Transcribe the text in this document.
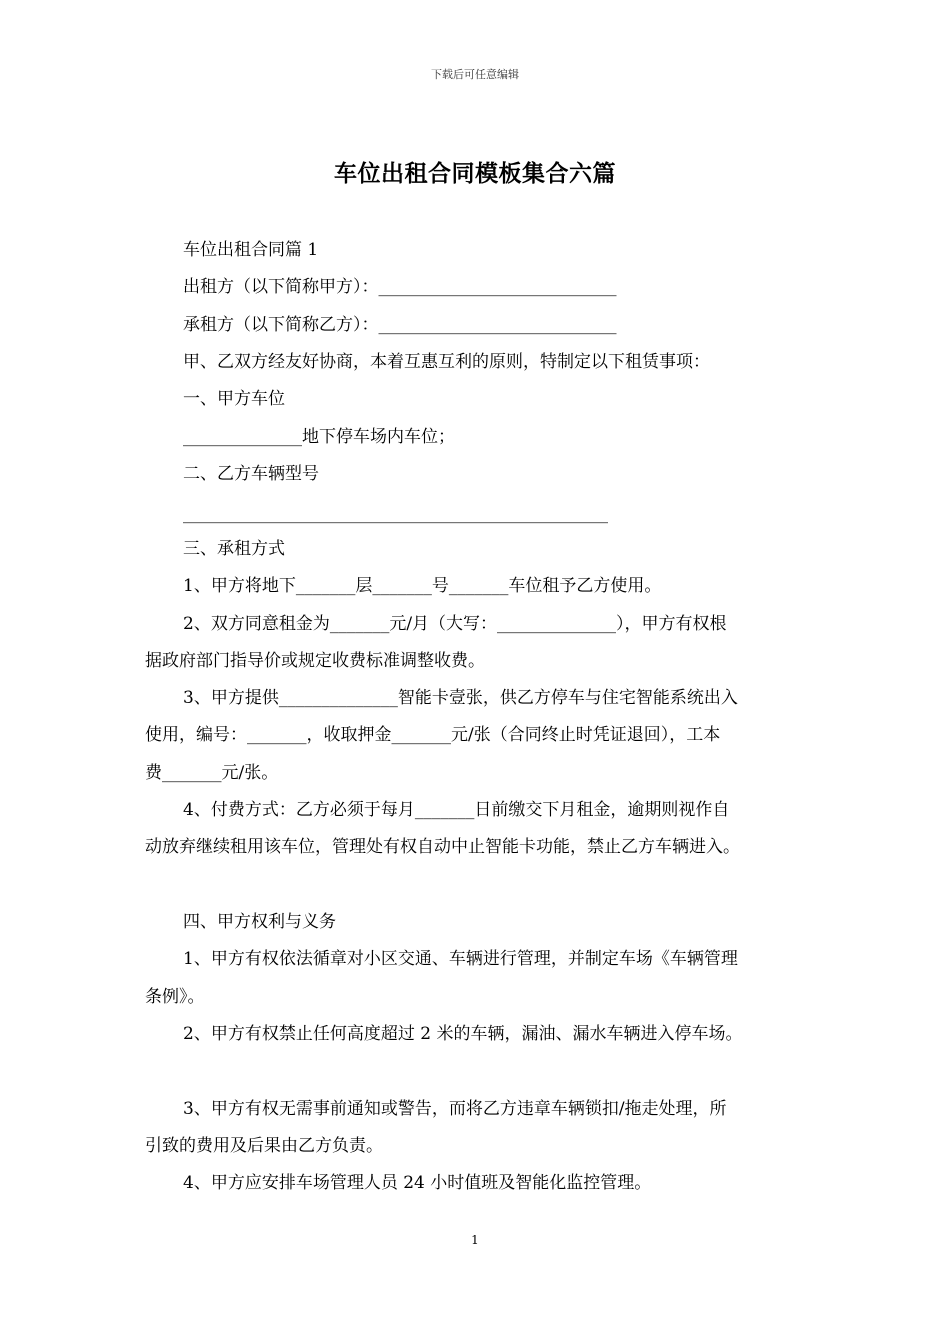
下载后可任意编辑
车位出租合同模板集合六篇
车位出租合同篇 1
出租方（以下简称甲方）：____________________________
承租方（以下简称乙方）：____________________________
甲、乙双方经友好协商，本着互惠互利的原则，特制定以下租赁事项：
一、甲方车位
______________地下停车场内车位；
二、乙方车辆型号
__________________________________________________
三、承租方式
1、甲方将地下_______层_______号_______车位租予乙方使用。
2、双方同意租金为_______元/月（大写：______________），甲方有权根
据政府部门指导价或规定收费标准调整收费。
3、甲方提供______________智能卡壹张，供乙方停车与住宅智能系统出入
使用，编号：_______，收取押金_______元/张（合同终止时凭证退回），工本
费_______元/张。
4、付费方式：乙方必须于每月_______日前缴交下月租金，逾期则视作自
动放弃继续租用该车位，管理处有权自动中止智能卡功能，禁止乙方车辆进入。
四、甲方权利与义务
1、甲方有权依法循章对小区交通、车辆进行管理，并制定车场《车辆管理
条例》。
2、甲方有权禁止任何高度超过 2 米的车辆，漏油、漏水车辆进入停车场。
3、甲方有权无需事前通知或警告，而将乙方违章车辆锁扣/拖走处理，所
引致的费用及后果由乙方负责。
4、甲方应安排车场管理人员 24 小时值班及智能化监控管理。
1
